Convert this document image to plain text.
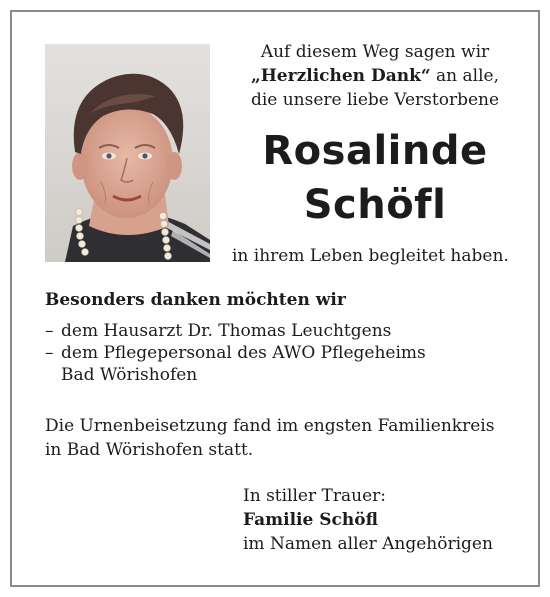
Auf diesem Weg sagen wir
„Herzlichen Dank“ an alle,
die unsere liebe Verstorbene
Rosalinde
Schöfl
in ihrem Leben begleitet haben.
Besonders danken möchten wir
– dem Hausarzt Dr. Thomas Leuchtgens
– dem Pflegepersonal des AWO Pflegeheims
Bad Wörishofen
Die Urnenbeisetzung fand im engsten Familienkreis
in Bad Wörishofen statt.
In stiller Trauer:
Familie Schöfl
im Namen aller Angehörigen
